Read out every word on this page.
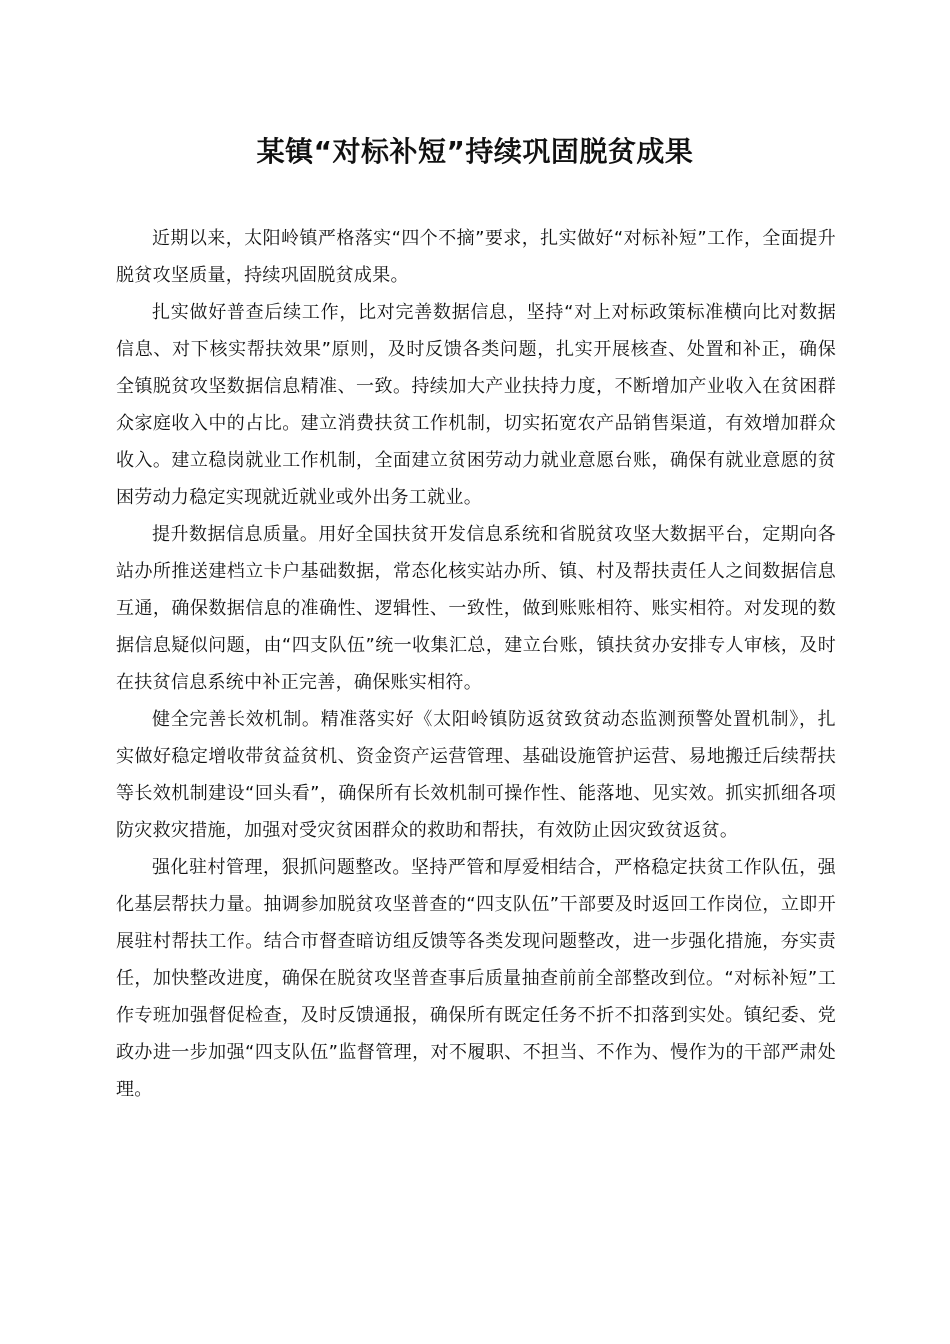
某镇“对标补短”持续巩固脱贫成果

近期以来，太阳岭镇严格落实“四个不摘”要求，扎实做好“对标补短”工作，全面提升脱贫攻坚质量，持续巩固脱贫成果。

扎实做好普查后续工作，比对完善数据信息，坚持“对上对标政策标准横向比对数据信息、对下核实帮扶效果”原则，及时反馈各类问题，扎实开展核查、处置和补正，确保全镇脱贫攻坚数据信息精准、一致。持续加大产业扶持力度，不断增加产业收入在贫困群众家庭收入中的占比。建立消费扶贫工作机制，切实拓宽农产品销售渠道，有效增加群众收入。建立稳岗就业工作机制，全面建立贫困劳动力就业意愿台账，确保有就业意愿的贫困劳动力稳定实现就近就业或外出务工就业。

提升数据信息质量。用好全国扶贫开发信息系统和省脱贫攻坚大数据平台，定期向各站办所推送建档立卡户基础数据，常态化核实站办所、镇、村及帮扶责任人之间数据信息互通，确保数据信息的准确性、逻辑性、一致性，做到账账相符、账实相符。对发现的数据信息疑似问题，由“四支队伍”统一收集汇总，建立台账，镇扶贫办安排专人审核，及时在扶贫信息系统中补正完善，确保账实相符。

健全完善长效机制。精准落实好《太阳岭镇防返贫致贫动态监测预警处置机制》，扎实做好稳定增收带贫益贫机、资金资产运营管理、基础设施管护运营、易地搬迁后续帮扶等长效机制建设“回头看”，确保所有长效机制可操作性、能落地、见实效。抓实抓细各项防灾救灾措施，加强对受灾贫困群众的救助和帮扶，有效防止因灾致贫返贫。

强化驻村管理，狠抓问题整改。坚持严管和厚爱相结合，严格稳定扶贫工作队伍，强化基层帮扶力量。抽调参加脱贫攻坚普查的“四支队伍”干部要及时返回工作岗位，立即开展驻村帮扶工作。结合市督查暗访组反馈等各类发现问题整改，进一步强化措施，夯实责任，加快整改进度，确保在脱贫攻坚普查事后质量抽查前前全部整改到位。“对标补短”工作专班加强督促检查，及时反馈通报，确保所有既定任务不折不扣落到实处。镇纪委、党政办进一步加强“四支队伍”监督管理，对不履职、不担当、不作为、慢作为的干部严肃处理。
